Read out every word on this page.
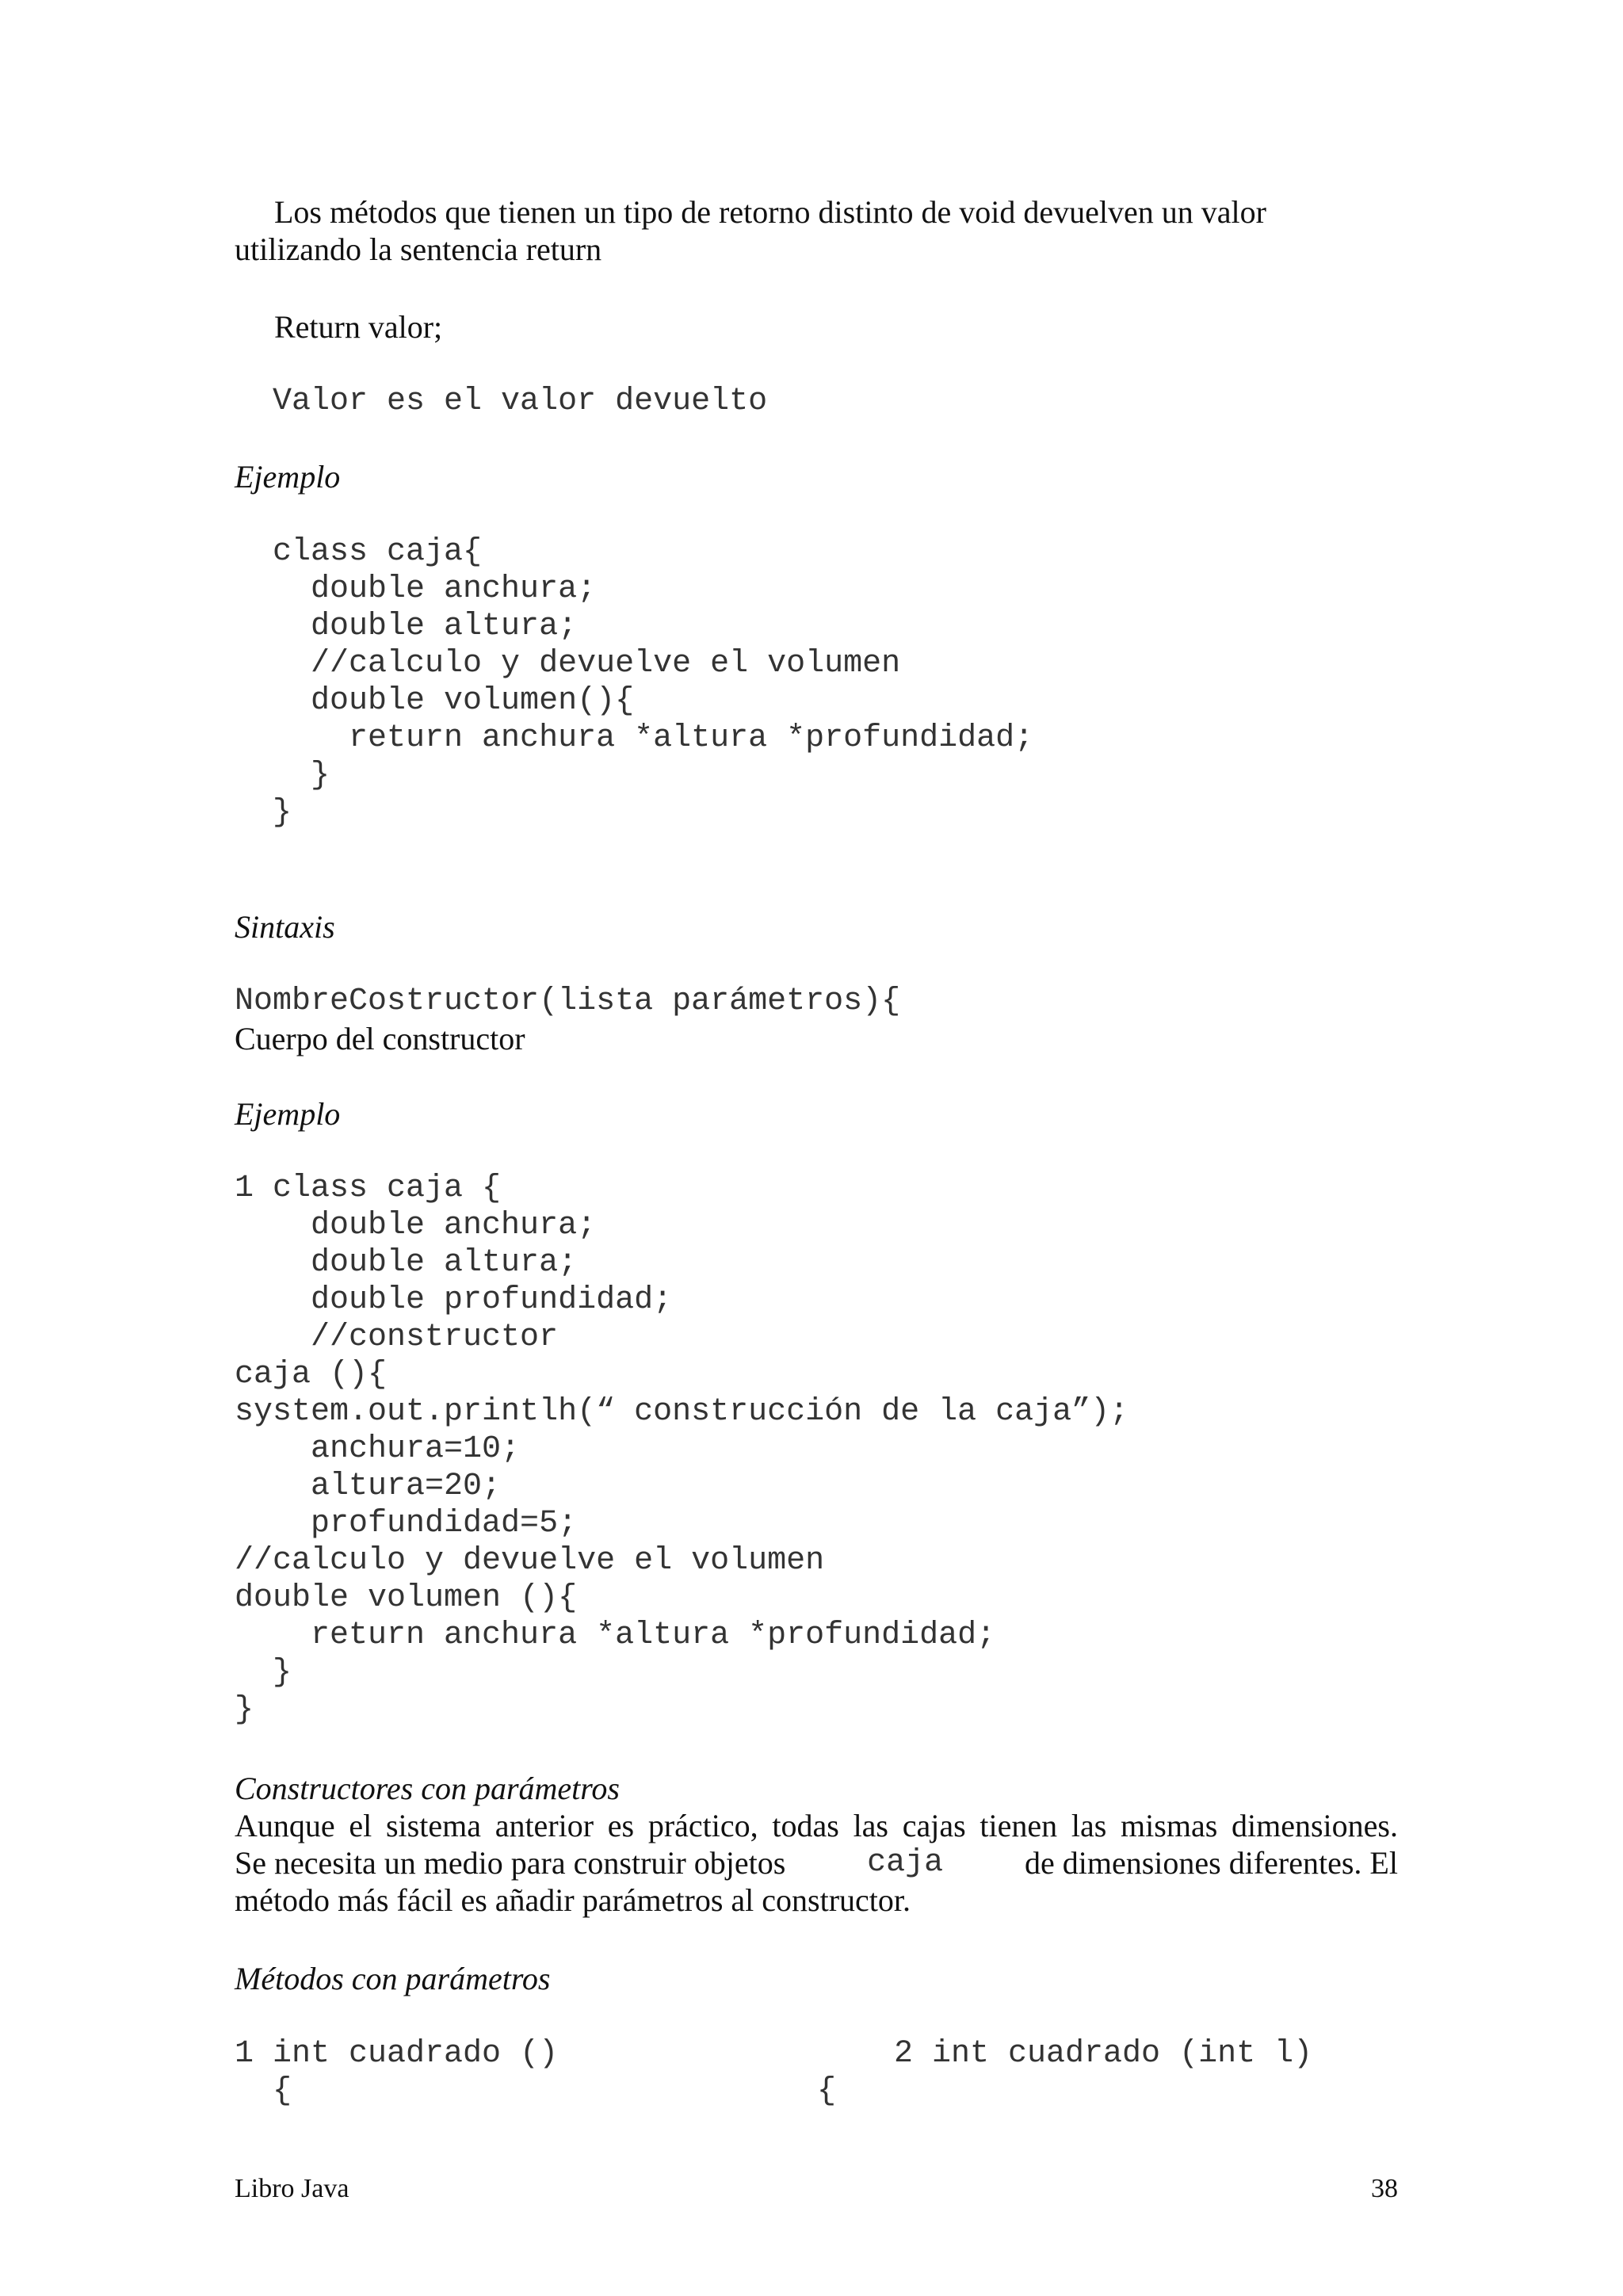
Los métodos que tienen un tipo de retorno distinto de void devuelven un valor
utilizando la sentencia return
Return valor;
Valor es el valor devuelto
Ejemplo
class caja{
double anchura;
double altura;
//calculo y devuelve el volumen
double volumen(){
return anchura *altura *profundidad;
}
}
Sintaxis
NombreCostructor(lista parámetros){
Cuerpo del constructor
Ejemplo
1 class caja {
double anchura;
double altura;
double profundidad;
//constructor
caja (){
system.out.printlh(“ construcción de la caja”);
anchura=10;
altura=20;
profundidad=5;
//calculo y devuelve el volumen
double volumen (){
return anchura *altura *profundidad;
}
}
Constructores con parámetros
Aunque el sistema anterior es práctico, todas las cajas tienen las mismas dimensiones.
Se necesita un medio para construir objetos caja de dimensiones diferentes. El
método más fácil es añadir parámetros al constructor.
Métodos con parámetros
1 int cuadrado ()
{
2 int cuadrado (int l)
{
Libro Java	38
